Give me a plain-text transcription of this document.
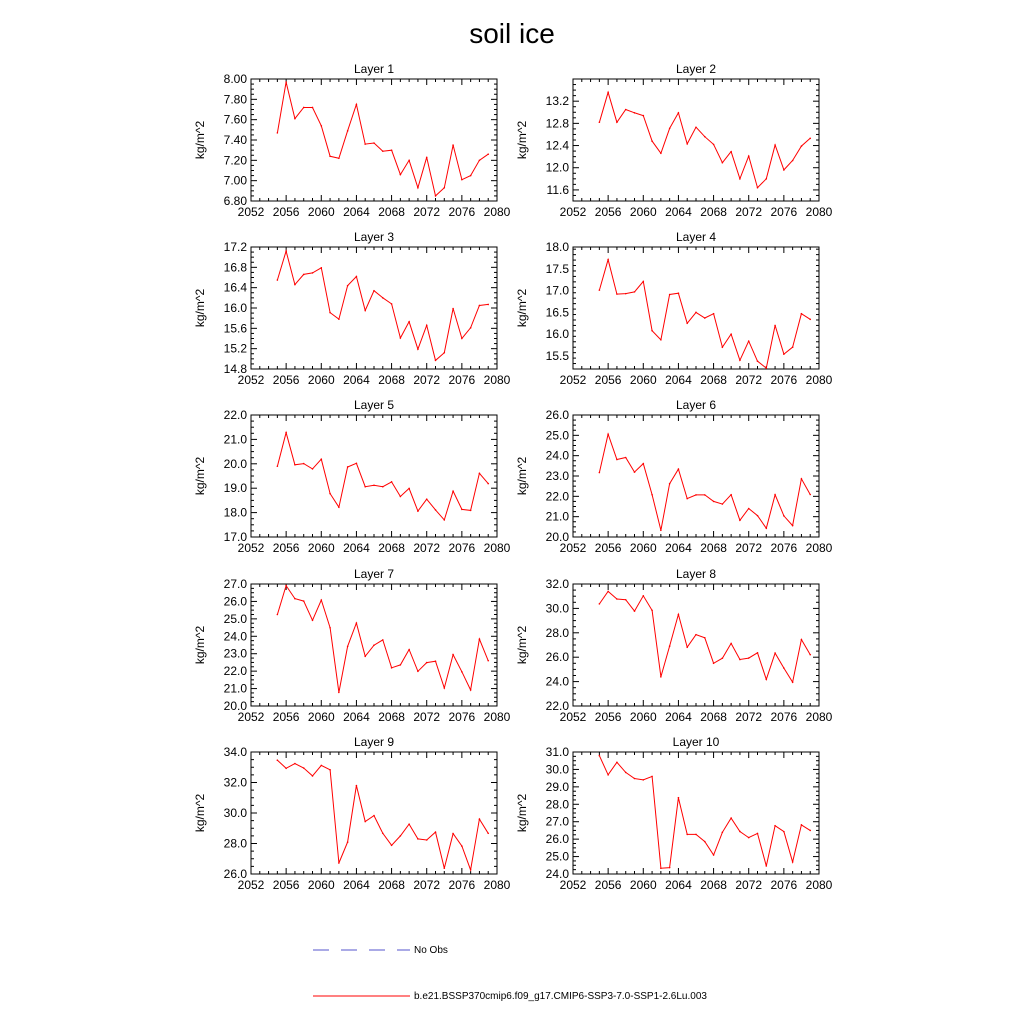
soil ice
Layer 1
kg/m^2
2052 2056 2060 2064 2068 2072 2076 2080
6.80
7.00
7.20
7.40
7.60
7.80
8.00
Layer 2
kg/m^2
2052 2056 2060 2064 2068 2072 2076 2080
11.6
12.0
12.4
12.8
13.2
Layer 3
kg/m^2
2052 2056 2060 2064 2068 2072 2076 2080
14.8
15.2
15.6
16.0
16.4
16.8
17.2
Layer 4
kg/m^2
2052 2056 2060 2064 2068 2072 2076 2080
15.5
16.0
16.5
17.0
17.5
18.0
Layer 5
kg/m^2
2052 2056 2060 2064 2068 2072 2076 2080
17.0
18.0
19.0
20.0
21.0
22.0
Layer 6
kg/m^2
2052 2056 2060 2064 2068 2072 2076 2080
20.0
21.0
22.0
23.0
24.0
25.0
26.0
Layer 7
kg/m^2
2052 2056 2060 2064 2068 2072 2076 2080
20.0
21.0
22.0
23.0
24.0
25.0
26.0
27.0
Layer 8
kg/m^2
2052 2056 2060 2064 2068 2072 2076 2080
22.0
24.0
26.0
28.0
30.0
32.0
Layer 9
kg/m^2
2052 2056 2060 2064 2068 2072 2076 2080
26.0
28.0
30.0
32.0
34.0
Layer 10
kg/m^2
2052 2056 2060 2064 2068 2072 2076 2080
24.0
25.0
26.0
27.0
28.0
29.0
30.0
31.0
No Obs
b.e21.BSSP370cmip6.f09_g17.CMIP6-SSP3-7.0-SSP1-2.6Lu.003
